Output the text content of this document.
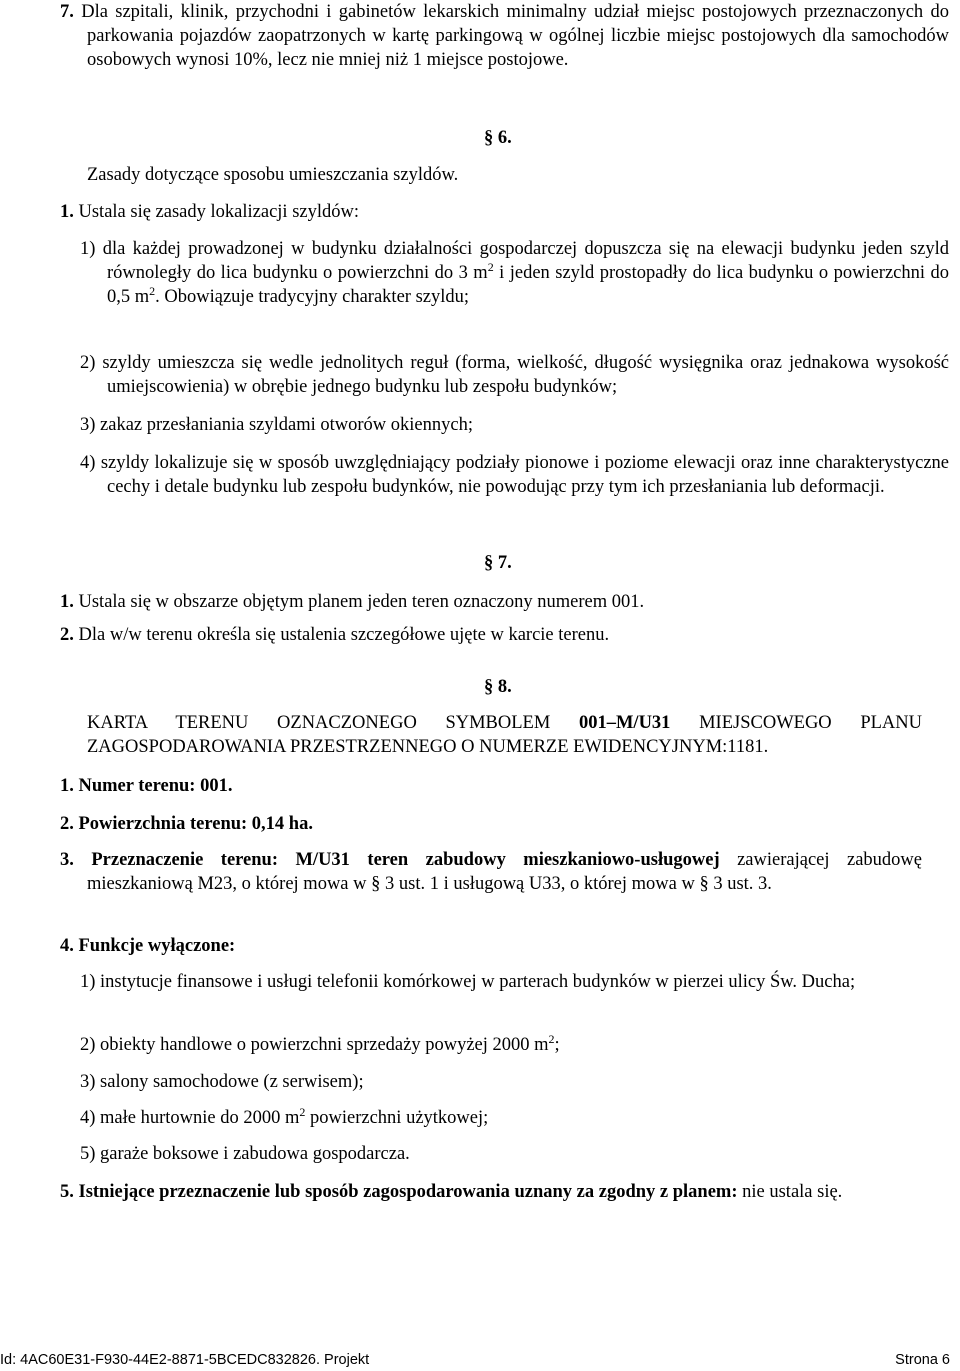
7. Dla szpitali, klinik, przychodni i gabinetów lekarskich minimalny udział miejsc postojowych przeznaczonych do parkowania pojazdów zaopatrzonych w kartę parkingową w ogólnej liczbie miejsc postojowych dla samochodów osobowych wynosi 10%, lecz nie mniej niż 1 miejsce postojowe.
§ 6.
Zasady dotyczące sposobu umieszczania szyldów.
1. Ustala się zasady lokalizacji szyldów:
1) dla każdej prowadzonej w budynku działalności gospodarczej dopuszcza się na elewacji budynku jeden szyld równoległy do lica budynku o powierzchni do 3 $m^2$ i jeden szyld prostopadły do lica budynku o powierzchni do 0,5 $m^2$. Obowiązuje tradycyjny charakter szyldu;
2) szyldy umieszcza się wedle jednolitych reguł (forma, wielkość, długość wysięgnika oraz jednakowa wysokość umiejscowienia) w obrębie jednego budynku lub zespołu budynków;
3) zakaz przesłaniania szyldami otworów okiennych;
4) szyldy lokalizuje się w sposób uwzględniający podziały pionowe i poziome elewacji oraz inne charakterystyczne cechy i detale budynku lub zespołu budynków, nie powodując przy tym ich przesłaniania lub deformacji.
§ 7.
1. Ustala się w obszarze objętym planem jeden teren oznaczony numerem 001.
2. Dla w/w terenu określa się ustalenia szczegółowe ujęte w karcie terenu.
§ 8.
KARTA TERENU OZNACZONEGO SYMBOLEM 001–M/U31 MIEJSCOWEGO PLANU ZAGOSPODAROWANIA PRZESTRZENNEGO O NUMERZE EWIDENCYJNYM:1181.
1. Numer terenu: 001.
2. Powierzchnia terenu: 0,14 ha.
3. Przeznaczenie terenu: M/U31 teren zabudowy mieszkaniowo-usługowej zawierającej zabudowę mieszkaniową M23, o której mowa w § 3 ust. 1 i usługową U33, o której mowa w § 3 ust. 3.
4. Funkcje wyłączone:
1) instytucje finansowe i usługi telefonii komórkowej w parterach budynków w pierzei ulicy Św. Ducha;
2) obiekty handlowe o powierzchni sprzedaży powyżej 2000 $m^2$;
3) salony samochodowe (z serwisem);
4) małe hurtownie do 2000 $m^2$ powierzchni użytkowej;
5) garaże boksowe i zabudowa gospodarcza.
5. Istniejące przeznaczenie lub sposób zagospodarowania uznany za zgodny z planem: nie ustala się.
Id: 4AC60E31-F930-44E2-8871-5BCEDC832826. Projekt	Strona 6
